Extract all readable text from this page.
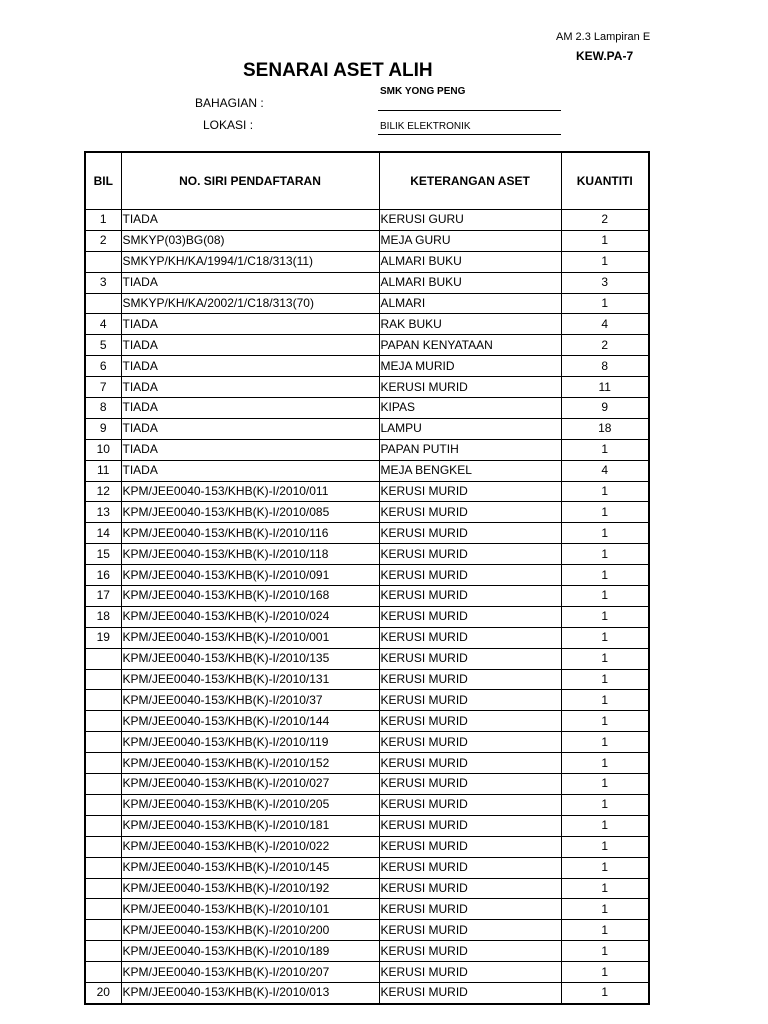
AM 2.3 Lampiran E
KEW.PA-7
SENARAI ASET ALIH
BAHAGIAN :
SMK YONG PENG
LOKASI :	BILIK ELEKTRONIK
BIL	NO. SIRI PENDAFTARAN	KETERANGAN ASET	KUANTITI
1	TIADA	KERUSI GURU	2
2	SMKYP(03)BG(08)	MEJA GURU	1
	SMKYP/KH/KA/1994/1/C18/313(11)	ALMARI BUKU	1
3	TIADA	ALMARI BUKU	3
	SMKYP/KH/KA/2002/1/C18/313(70)	ALMARI	1
4	TIADA	RAK BUKU	4
5	TIADA	PAPAN KENYATAAN	2
6	TIADA	MEJA MURID	8
7	TIADA	KERUSI MURID	11
8	TIADA	KIPAS	9
9	TIADA	LAMPU	18
10	TIADA	PAPAN PUTIH	1
11	TIADA	MEJA BENGKEL	4
12	KPM/JEE0040-153/KHB(K)-I/2010/011	KERUSI MURID	1
13	KPM/JEE0040-153/KHB(K)-I/2010/085	KERUSI MURID	1
14	KPM/JEE0040-153/KHB(K)-I/2010/116	KERUSI MURID	1
15	KPM/JEE0040-153/KHB(K)-I/2010/118	KERUSI MURID	1
16	KPM/JEE0040-153/KHB(K)-I/2010/091	KERUSI MURID	1
17	KPM/JEE0040-153/KHB(K)-I/2010/168	KERUSI MURID	1
18	KPM/JEE0040-153/KHB(K)-I/2010/024	KERUSI MURID	1
19	KPM/JEE0040-153/KHB(K)-I/2010/001	KERUSI MURID	1
	KPM/JEE0040-153/KHB(K)-I/2010/135	KERUSI MURID	1
	KPM/JEE0040-153/KHB(K)-I/2010/131	KERUSI MURID	1
	KPM/JEE0040-153/KHB(K)-I/2010/37	KERUSI MURID	1
	KPM/JEE0040-153/KHB(K)-I/2010/144	KERUSI MURID	1
	KPM/JEE0040-153/KHB(K)-I/2010/119	KERUSI MURID	1
	KPM/JEE0040-153/KHB(K)-I/2010/152	KERUSI MURID	1
	KPM/JEE0040-153/KHB(K)-I/2010/027	KERUSI MURID	1
	KPM/JEE0040-153/KHB(K)-I/2010/205	KERUSI MURID	1
	KPM/JEE0040-153/KHB(K)-I/2010/181	KERUSI MURID	1
	KPM/JEE0040-153/KHB(K)-I/2010/022	KERUSI MURID	1
	KPM/JEE0040-153/KHB(K)-I/2010/145	KERUSI MURID	1
	KPM/JEE0040-153/KHB(K)-I/2010/192	KERUSI MURID	1
	KPM/JEE0040-153/KHB(K)-I/2010/101	KERUSI MURID	1
	KPM/JEE0040-153/KHB(K)-I/2010/200	KERUSI MURID	1
	KPM/JEE0040-153/KHB(K)-I/2010/189	KERUSI MURID	1
	KPM/JEE0040-153/KHB(K)-I/2010/207	KERUSI MURID	1
20	KPM/JEE0040-153/KHB(K)-I/2010/013	KERUSI MURID	1
